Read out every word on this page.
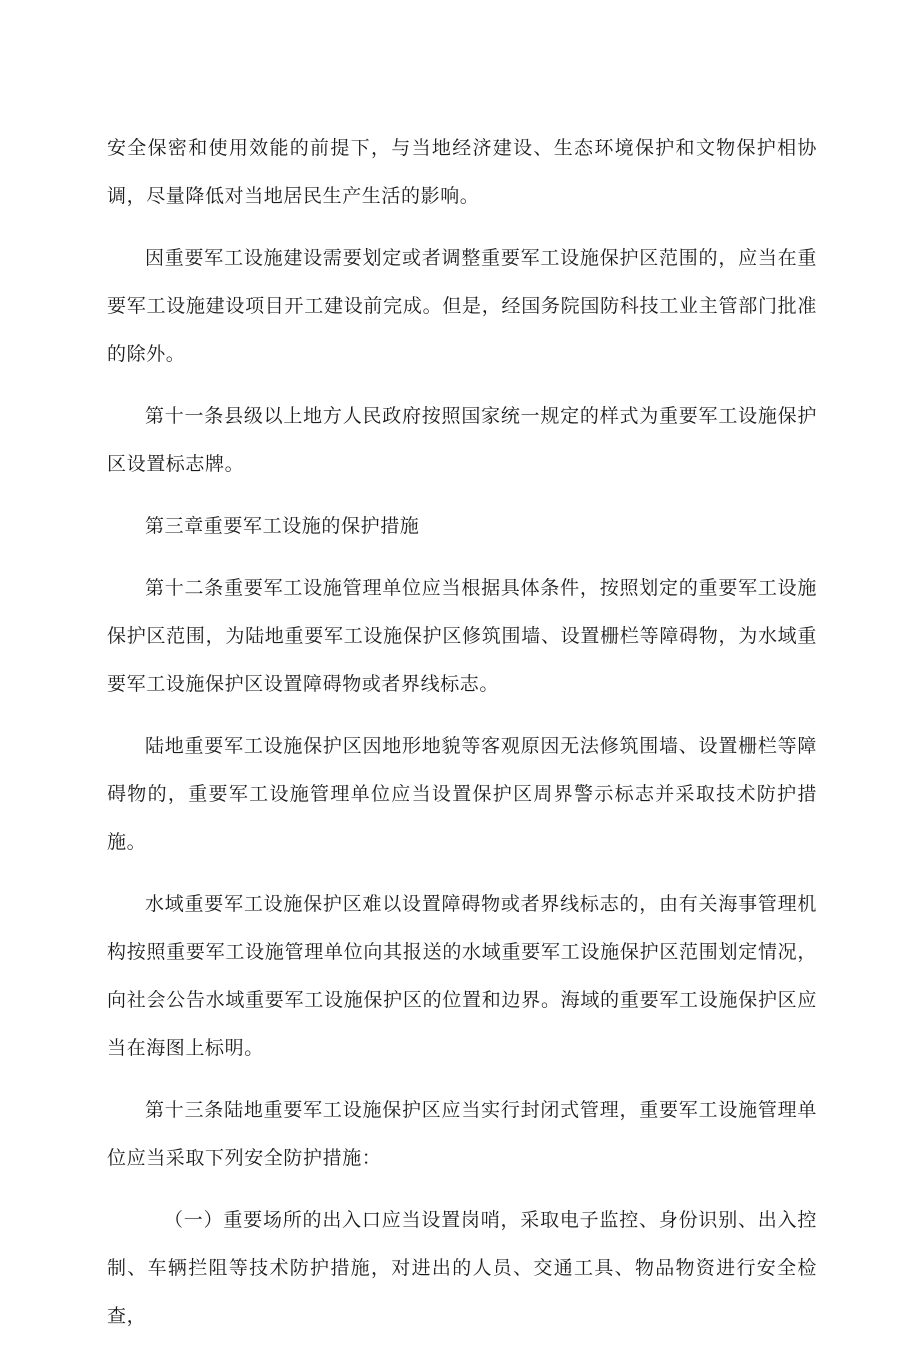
安全保密和使用效能的前提下，与当地经济建设、生态环境保护和文物保护相协调，尽量降低对当地居民生产生活的影响。

因重要军工设施建设需要划定或者调整重要军工设施保护区范围的，应当在重要军工设施建设项目开工建设前完成。但是，经国务院国防科技工业主管部门批准的除外。

第十一条县级以上地方人民政府按照国家统一规定的样式为重要军工设施保护区设置标志牌。

第三章重要军工设施的保护措施

第十二条重要军工设施管理单位应当根据具体条件，按照划定的重要军工设施保护区范围，为陆地重要军工设施保护区修筑围墙、设置栅栏等障碍物，为水域重要军工设施保护区设置障碍物或者界线标志。

陆地重要军工设施保护区因地形地貌等客观原因无法修筑围墙、设置栅栏等障碍物的，重要军工设施管理单位应当设置保护区周界警示标志并采取技术防护措施。

水域重要军工设施保护区难以设置障碍物或者界线标志的，由有关海事管理机构按照重要军工设施管理单位向其报送的水域重要军工设施保护区范围划定情况，向社会公告水域重要军工设施保护区的位置和边界。海域的重要军工设施保护区应当在海图上标明。

第十三条陆地重要军工设施保护区应当实行封闭式管理，重要军工设施管理单位应当采取下列安全防护措施：

（一）重要场所的出入口应当设置岗哨，采取电子监控、身份识别、出入控制、车辆拦阻等技术防护措施，对进出的人员、交通工具、物品物资进行安全检查，
